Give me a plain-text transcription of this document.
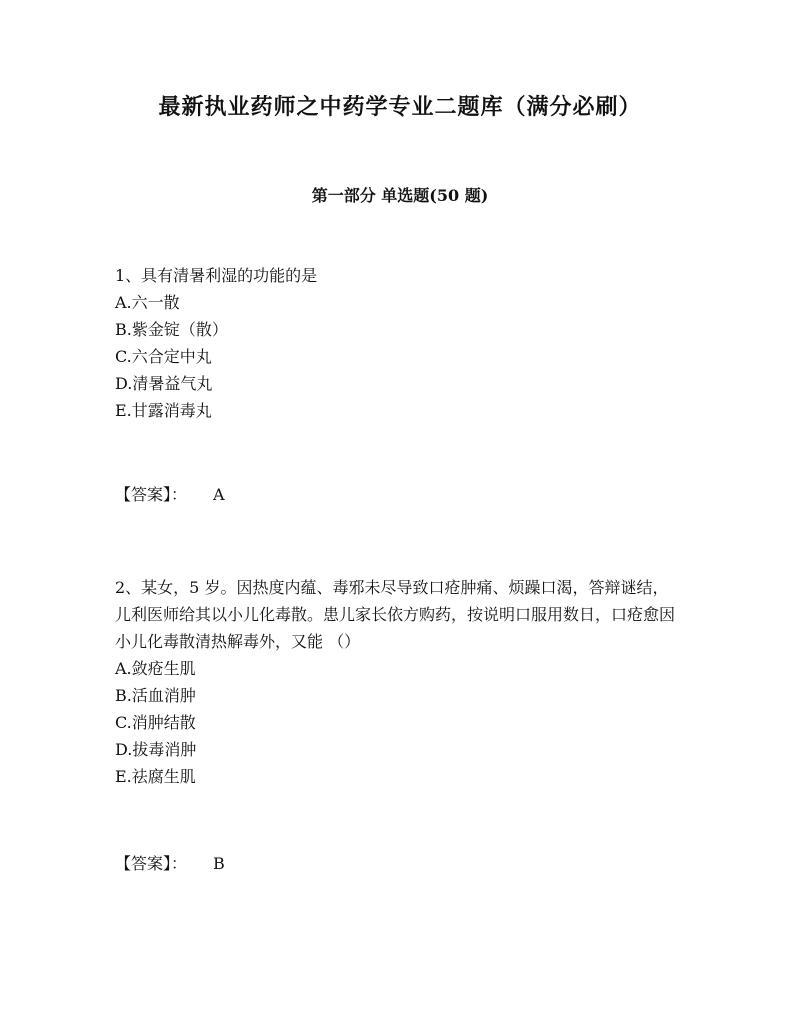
最新执业药师之中药学专业二题库（满分必刷）
第一部分 单选题(50 题)
1、具有清暑利湿的功能的是
A.六一散
B.紫金锭（散）
C.六合定中丸
D.清暑益气丸
E.甘露消毒丸
【答案】： A
2、某女，5 岁。因热度内蕴、毒邪未尽导致口疮肿痛、烦躁口渴，答辩谜结，儿利医师给其以小儿化毒散。患儿家长依方购药，按说明口服用数日，口疮愈因小儿化毒散清热解毒外，又能 （）
A.敛疮生肌
B.活血消肿
C.消肿结散
D.拔毒消肿
E.祛腐生肌
【答案】： B
